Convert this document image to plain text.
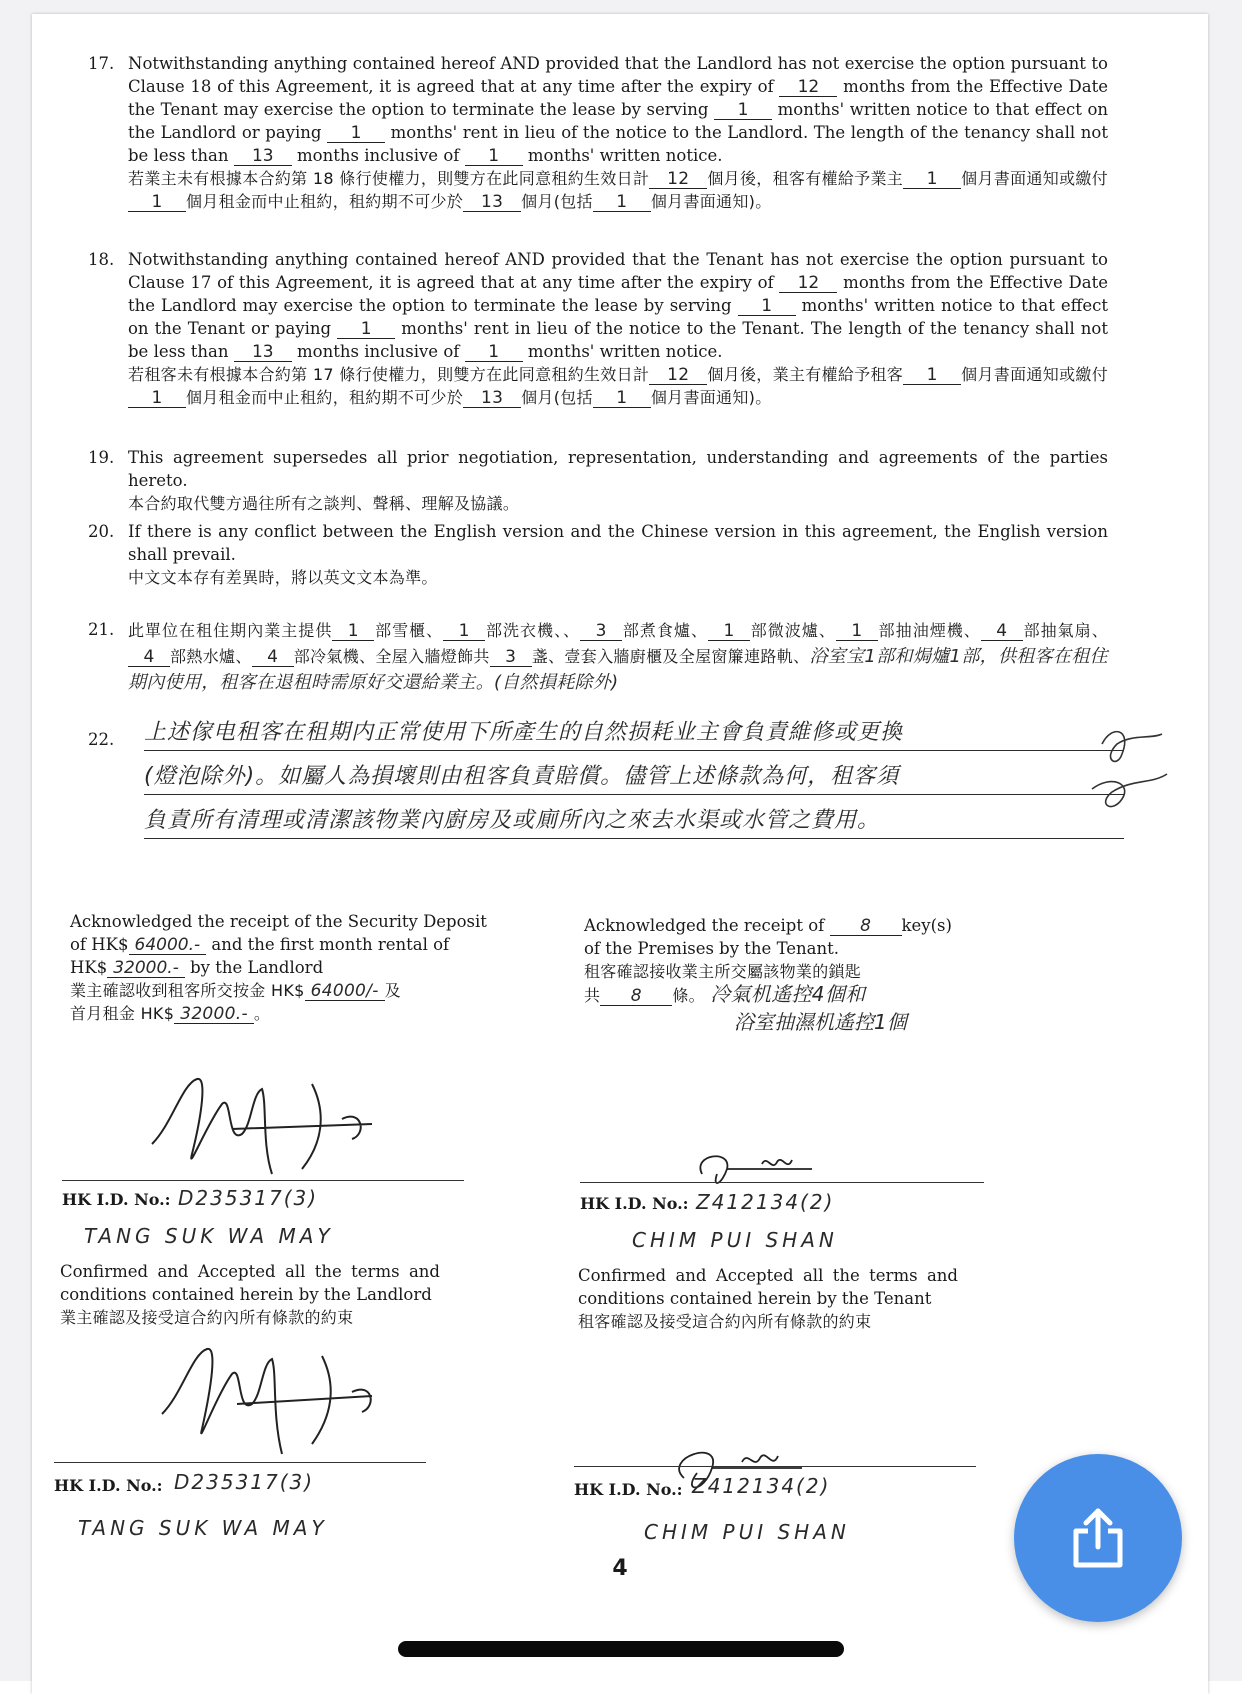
17. Notwithstanding anything contained hereof AND provided that the Landlord has not exercise the option pursuant to Clause 18 of this Agreement, it is agreed that at any time after the expiry of 12 months from the Effective Date the Tenant may exercise the option to terminate the lease by serving 1 months' written notice to that effect on the Landlord or paying 1 months' rent in lieu of the notice to the Landlord. The length of the tenancy shall not be less than 13 months inclusive of 1 months' written notice.
若業主未有根據本合約第 18 條行使權力，則雙方在此同意租約生效日計 12 個月後，租客有權給予業主 1 個月書面通知或繳付1 個月租金而中止租約，租約期不可少於 13 個月(包括 1 個月書面通知)。
18. Notwithstanding anything contained hereof AND provided that the Tenant has not exercise the option pursuant to Clause 17 of this Agreement, it is agreed that at any time after the expiry of 12 months from the Effective Date the Landlord may exercise the option to terminate the lease by serving 1 months' written notice to that effect on the Tenant or paying 1 months' rent in lieu of the notice to the Tenant. The length of the tenancy shall not be less than 13 months inclusive of 1 months' written notice.
若租客未有根據本合約第 17 條行使權力，則雙方在此同意租約生效日計 12 個月後，業主有權給予租客 1 個月書面通知或繳付1 個月租金而中止租約，租約期不可少於 13 個月(包括 1 個月書面通知)。
19. This agreement supersedes all prior negotiation, representation, understanding and agreements of the parties hereto.
本合約取代雙方過往所有之談判、聲稱、理解及協議。
20. If there is any conflict between the English version and the Chinese version in this agreement, the English version shall prevail.
中文文本存有差異時，將以英文文本為準。
21. 此單位在租住期內業主提供 1 部雪櫃、 1 部洗衣機、、 3 部煮食爐、 1 部微波爐、 1 部抽油煙機、 4 部抽氣扇、4 部熱水爐、 4 部冷氣機、全屋入牆燈飾共 3 盞、壹套入牆廚櫃及全屋窗簾連路軌、浴室宝1部和焗爐1部，供租客在租住期內使用，租客在退租時需原好交還給業主。(自然損耗除外)
22. 上述傢电租客在租期内正常使用下所產生的自然损耗业主會負責維修或更換
(燈泡除外)。如屬人為損壞則由租客負責賠償。儘管上述條款為何，租客須
負責所有清理或清潔該物業內廚房及或廁所內之來去水渠或水管之費用。
Acknowledged the receipt of the Security Deposit
of HK$ 64000.- and the first month rental of
HK$ 32000.- by the Landlord
業主確認收到租客所交按金 HK$ 64000/- 及
首月租金 HK$ 32000.- 。
Acknowledged the receipt of 8 key(s)
of the Premises by the Tenant.
租客確認接收業主所交屬該物業的鎖匙
共 8 條。 冷氣机遙控4個和
浴室抽濕机遙控1個
HK I.D. No.: D235317(3)
TANG SUK WA MAY
Confirmed and Accepted all the terms and conditions contained herein by the Landlord
業主確認及接受這合約內所有條款的約束
HK I.D. No.: Z412134(2)
CHIM PUI SHAN
Confirmed and Accepted all the terms and conditions contained herein by the Tenant
租客確認及接受這合約內所有條款的約束
HK I.D. No.: D235317(3)
TANG SUK WA MAY
HK I.D. No.: Z412134(2)
CHIM PUI SHAN
4
